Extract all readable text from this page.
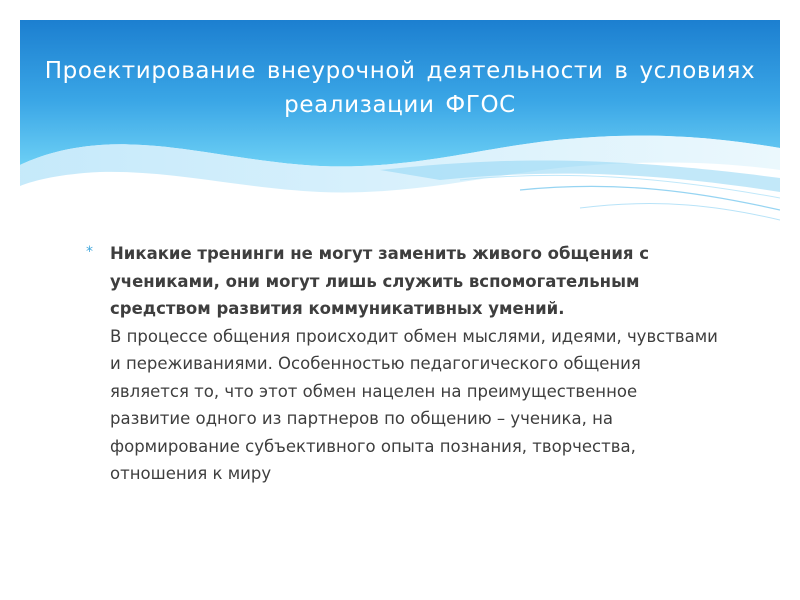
Проектирование внеурочной деятельности в условиях реализации ФГОС
* Никакие тренинги не могут заменить живого общения с учениками, они могут лишь служить вспомогательным средством развития коммуникативных умений.
В процессе общения происходит обмен мыслями, идеями, чувствами и переживаниями. Особенностью педагогического общения является то, что этот обмен нацелен на преимущественное развитие одного из партнеров по общению – ученика, на формирование субъективного опыта познания, творчества, отношения к миру
